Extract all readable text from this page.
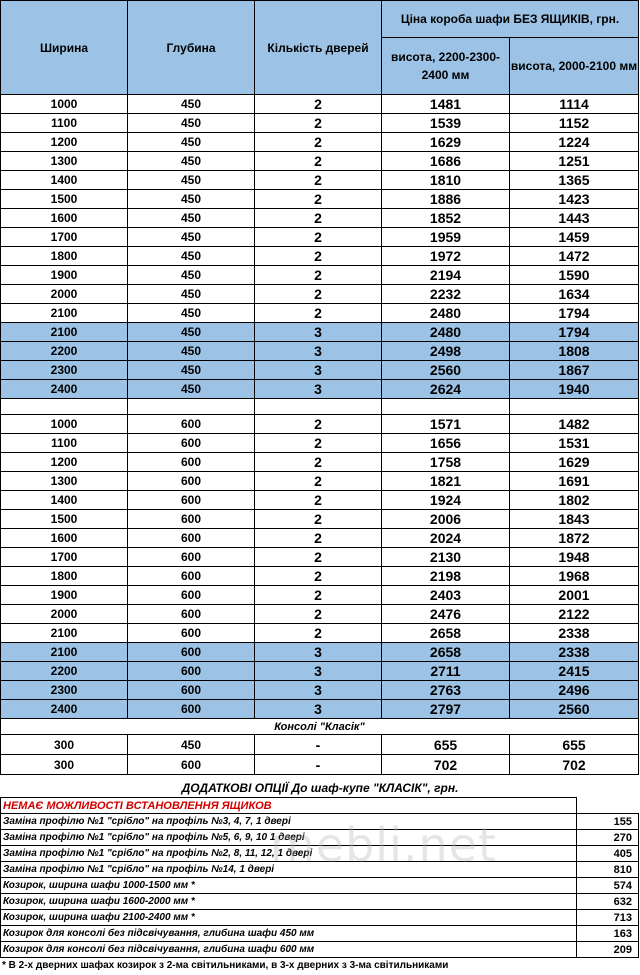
Ширина	Глубина	Кількість дверей	Ціна короба шафи БЕЗ ЯЩИКІВ, грн.	
			висота, 2200-2300-2400 мм	висота, 2000-2100 мм
1000	450	2	1481	1114
1100	450	2	1539	1152
1200	450	2	1629	1224
1300	450	2	1686	1251
1400	450	2	1810	1365
1500	450	2	1886	1423
1600	450	2	1852	1443
1700	450	2	1959	1459
1800	450	2	1972	1472
1900	450	2	2194	1590
2000	450	2	2232	1634
2100	450	2	2480	1794
2100	450	3	2480	1794
2200	450	3	2498	1808
2300	450	3	2560	1867
2400	450	3	2624	1940

1000	600	2	1571	1482
1100	600	2	1656	1531
1200	600	2	1758	1629
1300	600	2	1821	1691
1400	600	2	1924	1802
1500	600	2	2006	1843
1600	600	2	2024	1872
1700	600	2	2130	1948
1800	600	2	2198	1968
1900	600	2	2403	2001
2000	600	2	2476	2122
2100	600	2	2658	2338
2100	600	3	2658	2338
2200	600	3	2711	2415
2300	600	3	2763	2496
2400	600	3	2797	2560
Консолі "Класік"				
300	450	-	655	655
300	600	-	702	702
ДОДАТКОВІ ОПЦІЇ До шаф-купе "КЛАСІК", грн.
НЕМАЄ МОЖЛИВОСТІ ВСТАНОВЛЕННЯ ЯЩИКОВ	
Заміна профілю №1 "срібло" на профіль №3, 4, 7, 1 двері	155
Заміна профілю №1 "срібло" на профіль №5, 6, 9, 10 1 двері	270
Заміна профілю №1 "срібло" на профіль №2, 8, 11, 12, 1 двері	405
Заміна профілю №1 "срібло" на профіль №14, 1 двері	810
Козирок, ширина шафи 1000-1500 мм *	574
Козирок, ширина шафи 1600-2000 мм *	632
Козирок, ширина шафи 2100-2400 мм *	713
Козирок для консолі без підсвічування, глибина шафи 450 мм	163
Козирок для консолі без підсвічування, глибина шафи 600 мм	209
mebli.net
* В 2-х дверних шафах козирок з 2-ма світильниками, в 3-х дверних з 3-ма світильниками
